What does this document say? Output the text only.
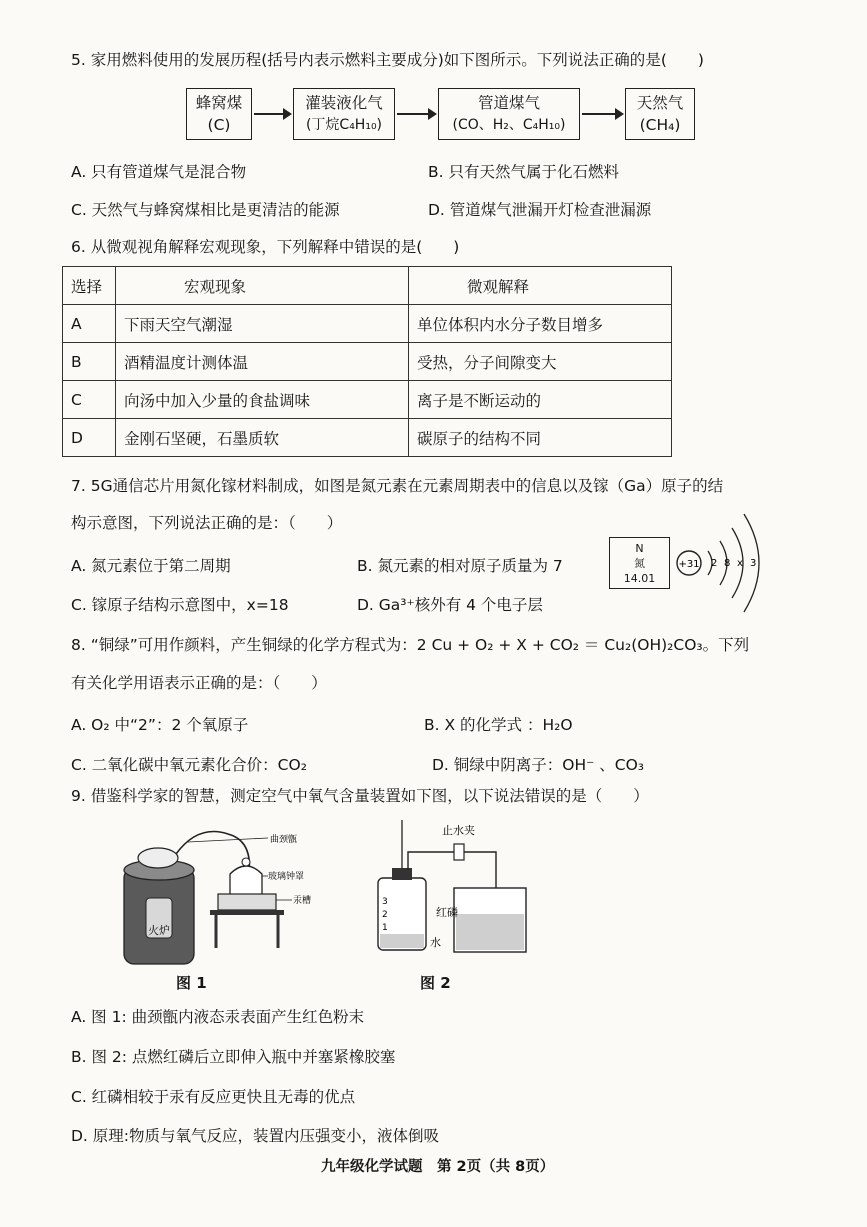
5. 家用燃料使用的发展历程(括号内表示燃料主要成分)如下图所示。下列说法正确的是(　　)
蜂窝煤
(C)
灌装液化气
(丁烷C₄H₁₀)
管道煤气
(CO、H₂、C₄H₁₀)
天然气
(CH₄)
A. 只有管道煤气是混合物	B. 只有天然气属于化石燃料
C. 天然气与蜂窝煤相比是更清洁的能源	D. 管道煤气泄漏开灯检查泄漏源
6. 从微观视角解释宏观现象，下列解释中错误的是(　　)
选择	宏观现象	微观解释
A	下雨天空气潮湿	单位体积内水分子数目增多
B	酒精温度计测体温	受热，分子间隙变大
C	向汤中加入少量的食盐调味	离子是不断运动的
D	金刚石坚硬，石墨质软	碳原子的结构不同
7. 5G通信芯片用氮化镓材料制成，如图是氮元素在元素周期表中的信息以及镓（Ga）原子的结
构示意图，下列说法正确的是：（　　）
N
氮
14.01
+31 2 8 x 3
A. 氮元素位于第二周期	B. 氮元素的相对原子质量为 7
C. 镓原子结构示意图中，x=18	D. Ga³⁺核外有 4 个电子层
8. “铜绿”可用作颜料，产生铜绿的化学方程式为：2 Cu + O₂ + X + CO₂ ＝ Cu₂(OH)₂CO₃。下列
有关化学用语表示正确的是：（　　）
A. O₂ 中“2”：2 个氧原子	B. X 的化学式 ：H₂O
C. 二氧化碳中氧元素化合价：CO₂	D. 铜绿中阴离子：OH⁻ 、CO₃
9. 借鉴科学家的智慧，测定空气中氧气含量装置如下图，以下说法错误的是（　　）
火炉
曲颈甑
玻璃钟罩
汞槽	3
2
1
止水夹
红磷
水
图 1	图 2
A. 图 1: 曲颈甑内液态汞表面产生红色粉末
B. 图 2: 点燃红磷后立即伸入瓶中并塞紧橡胶塞
C. 红磷相较于汞有反应更快且无毒的优点
D. 原理:物质与氧气反应，装置内压强变小，液体倒吸
九年级化学试题　第 2页（共 8页）
